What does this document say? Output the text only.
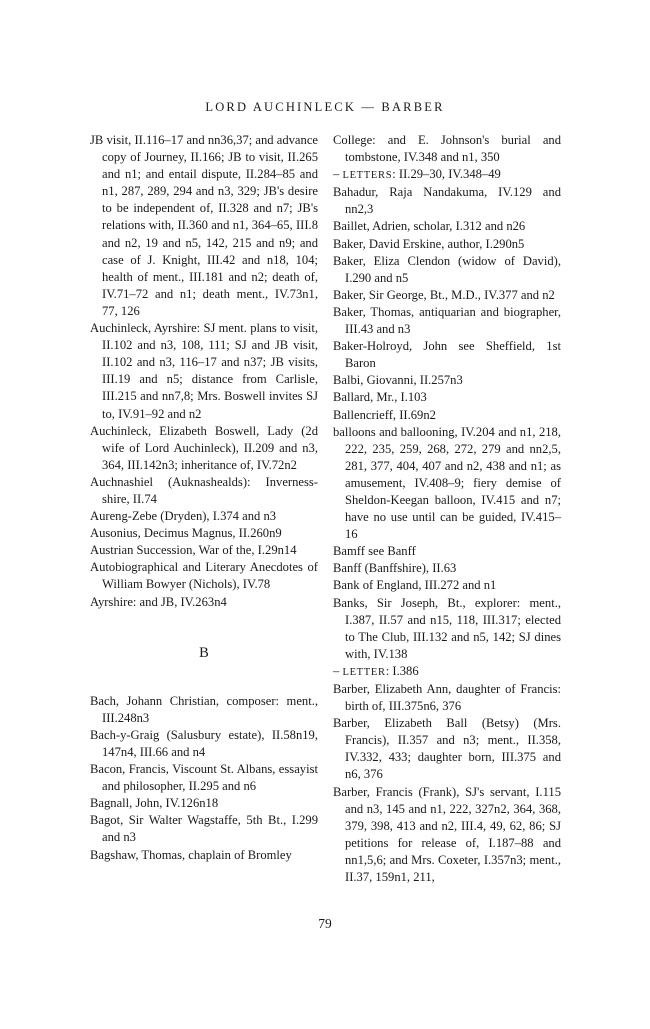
LORD AUCHINLECK — BARBER

JB visit, II.116–17 and nn36,37; and advance copy of Journey, II.166; JB to visit, II.265 and n1; and entail dispute, II.284–85 and n1, 287, 289, 294 and n3, 329; JB's desire to be independent of, II.328 and n7; JB's relations with, II.360 and n1, 364–65, III.8 and n2, 19 and n5, 142, 215 and n9; and case of J. Knight, III.42 and n18, 104; health of ment., III.181 and n2; death of, IV.71–72 and n1; death ment., IV.73n1, 77, 126

Auchinleck, Ayrshire: SJ ment. plans to visit, II.102 and n3, 108, 111; SJ and JB visit, II.102 and n3, 116–17 and n37; JB visits, III.19 and n5; distance from Carlisle, III.215 and nn7,8; Mrs. Boswell invites SJ to, IV.91–92 and n2

Auchinleck, Elizabeth Boswell, Lady (2d wife of Lord Auchinleck), II.209 and n3, 364, III.142n3; inheritance of, IV.72n2

Auchnashiel (Auknashealds): Inverness-shire, II.74

Aureng-Zebe (Dryden), I.374 and n3

Ausonius, Decimus Magnus, II.260n9

Austrian Succession, War of the, I.29n14

Autobiographical and Literary Anecdotes of William Bowyer (Nichols), IV.78

Ayrshire: and JB, IV.263n4

B

Bach, Johann Christian, composer: ment., III.248n3

Bach-y-Graig (Salusbury estate), II.58n19, 147n4, III.66 and n4

Bacon, Francis, Viscount St. Albans, essayist and philosopher, II.295 and n6

Bagnall, John, IV.126n18

Bagot, Sir Walter Wagstaffe, 5th Bt., I.299 and n3

Bagshaw, Thomas, chaplain of Bromley

College: and E. Johnson's burial and tombstone, IV.348 and n1, 350

– LETTERS: II.29–30, IV.348–49

Bahadur, Raja Nandakuma, IV.129 and nn2,3

Baillet, Adrien, scholar, I.312 and n26

Baker, David Erskine, author, I.290n5

Baker, Eliza Clendon (widow of David), I.290 and n5

Baker, Sir George, Bt., M.D., IV.377 and n2

Baker, Thomas, antiquarian and biographer, III.43 and n3

Baker-Holroyd, John see Sheffield, 1st Baron

Balbi, Giovanni, II.257n3

Ballard, Mr., I.103

Ballencrieff, II.69n2

balloons and ballooning, IV.204 and n1, 218, 222, 235, 259, 268, 272, 279 and nn2,5, 281, 377, 404, 407 and n2, 438 and n1; as amusement, IV.408–9; fiery demise of Sheldon-Keegan balloon, IV.415 and n7; have no use until can be guided, IV.415–16

Bamff see Banff

Banff (Banffshire), II.63

Bank of England, III.272 and n1

Banks, Sir Joseph, Bt., explorer: ment., I.387, II.57 and n15, 118, III.317; elected to The Club, III.132 and n5, 142; SJ dines with, IV.138

– LETTER: I.386

Barber, Elizabeth Ann, daughter of Francis: birth of, III.375n6, 376

Barber, Elizabeth Ball (Betsy) (Mrs. Francis), II.357 and n3; ment., II.358, IV.332, 433; daughter born, III.375 and n6, 376

Barber, Francis (Frank), SJ's servant, I.115 and n3, 145 and n1, 222, 327n2, 364, 368, 379, 398, 413 and n2, III.4, 49, 62, 86; SJ petitions for release of, I.187–88 and nn1,5,6; and Mrs. Coxeter, I.357n3; ment., II.37, 159n1, 211,

79
